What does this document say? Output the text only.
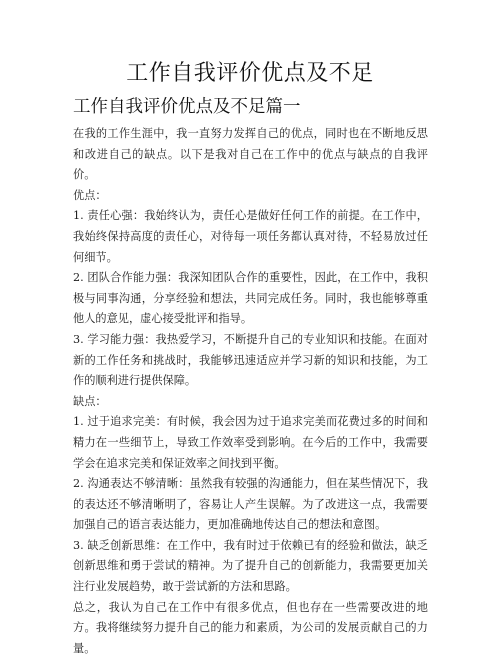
工作自我评价优点及不足
工作自我评价优点及不足篇一

在我的工作生涯中，我一直努力发挥自己的优点，同时也在不断地反思和改进自己的缺点。以下是我对自己在工作中的优点与缺点的自我评价。

优点：

1. 责任心强：我始终认为，责任心是做好任何工作的前提。在工作中，我始终保持高度的责任心，对待每一项任务都认真对待，不轻易放过任何细节。

2. 团队合作能力强：我深知团队合作的重要性，因此，在工作中，我积极与同事沟通，分享经验和想法，共同完成任务。同时，我也能够尊重他人的意见，虚心接受批评和指导。

3. 学习能力强：我热爱学习，不断提升自己的专业知识和技能。在面对新的工作任务和挑战时，我能够迅速适应并学习新的知识和技能，为工作的顺利进行提供保障。

缺点：

1. 过于追求完美：有时候，我会因为过于追求完美而花费过多的时间和精力在一些细节上，导致工作效率受到影响。在今后的工作中，我需要学会在追求完美和保证效率之间找到平衡。

2. 沟通表达不够清晰：虽然我有较强的沟通能力，但在某些情况下，我的表达还不够清晰明了，容易让人产生误解。为了改进这一点，我需要加强自己的语言表达能力，更加准确地传达自己的想法和意图。

3. 缺乏创新思维：在工作中，我有时过于依赖已有的经验和做法，缺乏创新思维和勇于尝试的精神。为了提升自己的创新能力，我需要更加关注行业发展趋势，敢于尝试新的方法和思路。

总之，我认为自己在工作中有很多优点，但也存在一些需要改进的地方。我将继续努力提升自己的能力和素质，为公司的发展贡献自己的力量。
